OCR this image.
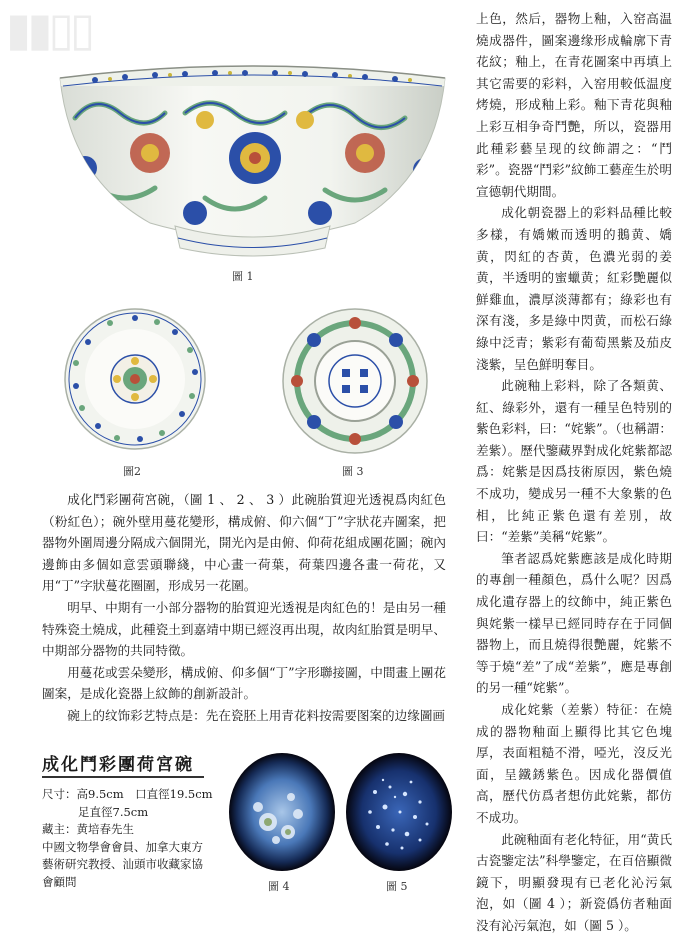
▮▮▯▯
圖 1
圖2	圖 3

成化鬥彩團荷宮碗，（圖 1 、 2 、 3 ）此碗胎質迎光透視爲肉紅色（粉紅色）；碗外壁用蔓花變形，構成俯、仰六個“丁”字狀花卉圖案，把器物外圍周邊分隔成六個開光，開光內是由俯、仰荷花組成團花圖；碗內邊飾由多個如意雲頭聯綫，中心畫一荷葉，荷葉四邊各畫一荷花，又用“丁”字狀蔓花圈圍，形成另一花圍。

明早、中期有一小部分器物的胎質迎光透視是肉紅色的！是由另一種特殊瓷土燒成，此種瓷土到嘉靖中期已經沒再出現，故肉紅胎質是明早、中期部分器物的共同特徵。

用蔓花或雲朵變形，構成俯、仰多個“丁”字形聯接圖，中間畫上團花圖案，是成化瓷器上紋飾的創新設計。

碗上的纹饰彩艺特点是：先在瓷胚上用青花料按需要图案的边缘圖画

成化鬥彩團荷宮碗
尺寸：高9.5cm　口直徑19.5cm
足直徑7.5cm
藏主：黄培春先生
中國文物學會會員、加拿大東方
藝術研究教授、汕頭市收藏家協
會顧問	圖 4	圖 5

上色，然后，器物上釉，入窑高温燒成器件，圖案邊缘形成輪廓下青花紋；釉上，在青花圖案中再填上其它需要的彩料，入窑用較低温度烤燒，形成釉上彩。釉下青花與釉上彩互相争奇鬥艷，所以，瓷器用此種彩藝呈现的纹飾謂之：“鬥彩”。瓷器“鬥彩”紋飾工藝産生於明宣德朝代期間。

成化朝瓷器上的彩料品種比較多樣，有嬌嫩而透明的鵝黄、嬌黄，閃紅的杏黄，色濃光弱的姜黄，半透明的蜜蠟黄；紅彩艷麗似鮮雞血，濃厚淡薄都有；綠彩也有深有淺，多是綠中閃黄，而松石綠綠中泛青；紫彩有葡萄黑紫及茄皮淺紫，呈色鮮明奪目。

此碗釉上彩料，除了各類黄、紅、綠彩外，還有一種呈色特别的紫色彩料，曰：“姹紫”。（也稱謂：差紫）。歷代鑒藏界對成化姹紫都認爲：姹紫是因爲技術原因，紫色燒不成功，變成另一種不大象紫的色相，比純正紫色還有差別，故曰：“差紫”美稱“姹紫”。

筆者認爲姹紫應該是成化時期的專創一種顏色，爲什么呢？因爲成化遺存器上的纹飾中，純正紫色與姹紫一樣早已經同時存在于同個器物上，而且燒得很艷麗，姹紫不等于燒“差”了成“差紫”，應是專創的另一種“姹紫”。

成化姹紫（差紫）特征：在燒成的器物釉面上顯得比其它色塊厚，表面粗糙不滑，啞光，沒反光面，呈鐵銹紫色。因成化器價值高，歷代仿爲者想仿此姹紫，都仿不成功。

此碗釉面有老化特征，用“黄氏古瓷鑒定法”科學鑒定，在百倍顯微鏡下，明顯發現有已老化沁污氣泡，如（圖 4 ）；新瓷僞仿者釉面没有沁污氣泡，如（圖 5 ）。
